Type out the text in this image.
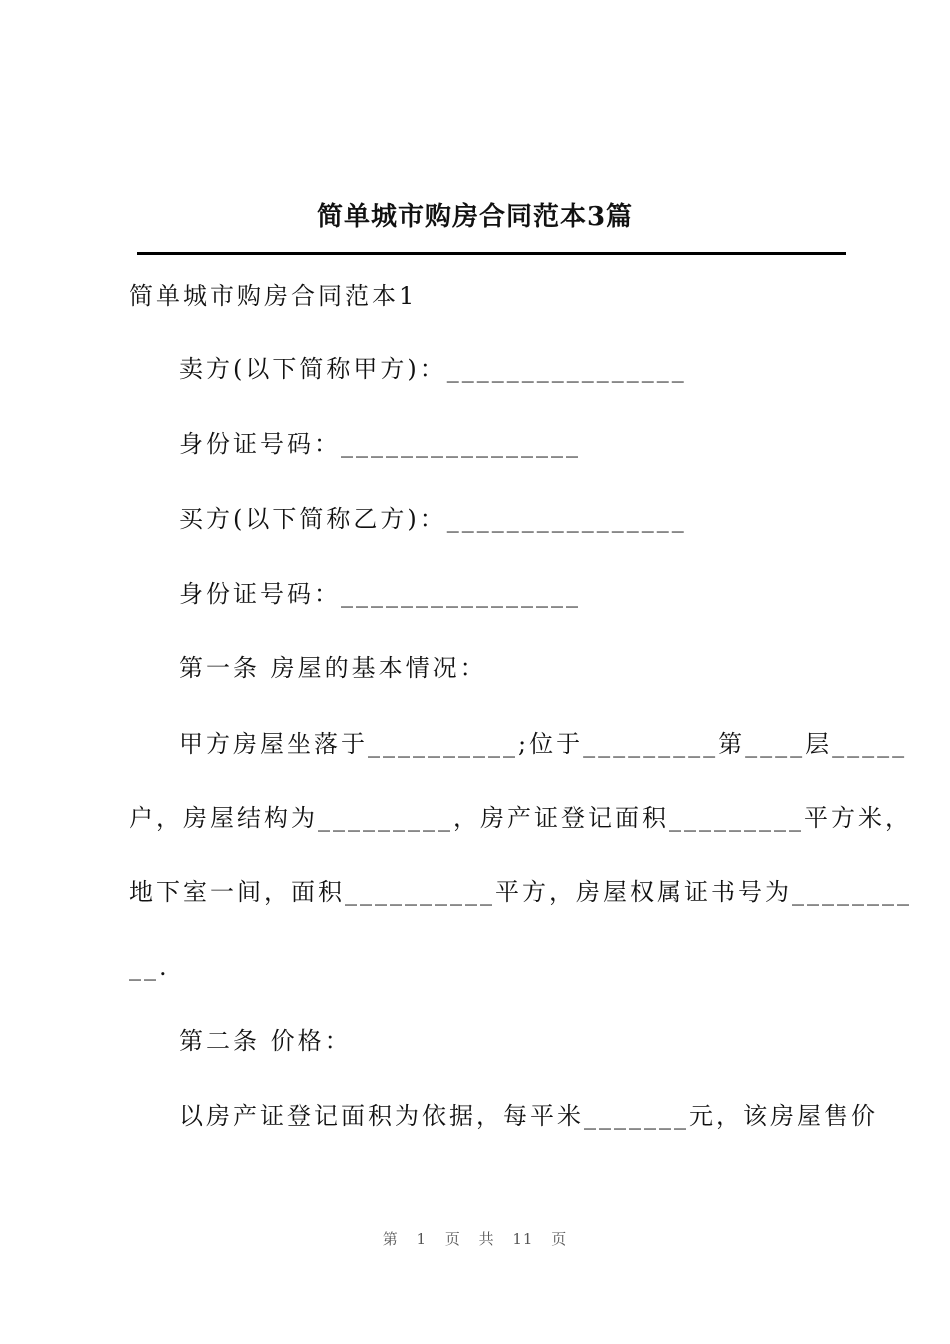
简单城市购房合同范本3篇
简单城市购房合同范本1
卖方(以下简称甲方)：________________
身份证号码：________________
买方(以下简称乙方)：________________
身份证号码：________________
第一条 房屋的基本情况：
甲方房屋坐落于__________;位于_________第____层_____
户，房屋结构为_________，房产证登记面积_________平方米，
地下室一间，面积__________平方，房屋权属证书号为________
__.
第二条 价格：
以房产证登记面积为依据，每平米_______元，该房屋售价
第 1 页 共 11 页
